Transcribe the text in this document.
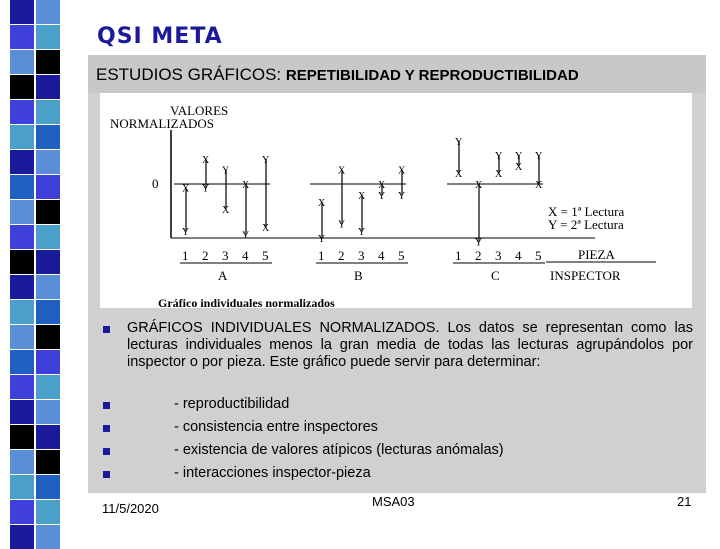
QSI META
ESTUDIOS GRÁFICOS: REPETIBILIDAD Y REPRODUCTIBILIDAD
VALORES
NORMALIZADOS
0 X
Y
X
Y
X
Y
X
Y
X
Y
X
Y
X
Y
X
Y
X
Y
X
Y
X
Y
X
Y
X
Y
X
Y
X
Y
1 2 3 4 5
A
1 2 3 4 5
B
1 2 3 4 5
C
X = 1ª Lectura
Y = 2ª Lectura
PIEZA
INSPECTOR
Gráfico individuales normalizados
GRÁFICOS INDIVIDUALES NORMALIZADOS. Los datos se representan como las lecturas individuales menos la gran media de todas las lecturas agrupándolos por inspector o por pieza. Este gráfico puede servir para determinar:
- reproductibilidad
- consistencia entre inspectores
- existencia de valores atípicos (lecturas anómalas)
- interacciones inspector-pieza
11/5/2020	MSA03	21
